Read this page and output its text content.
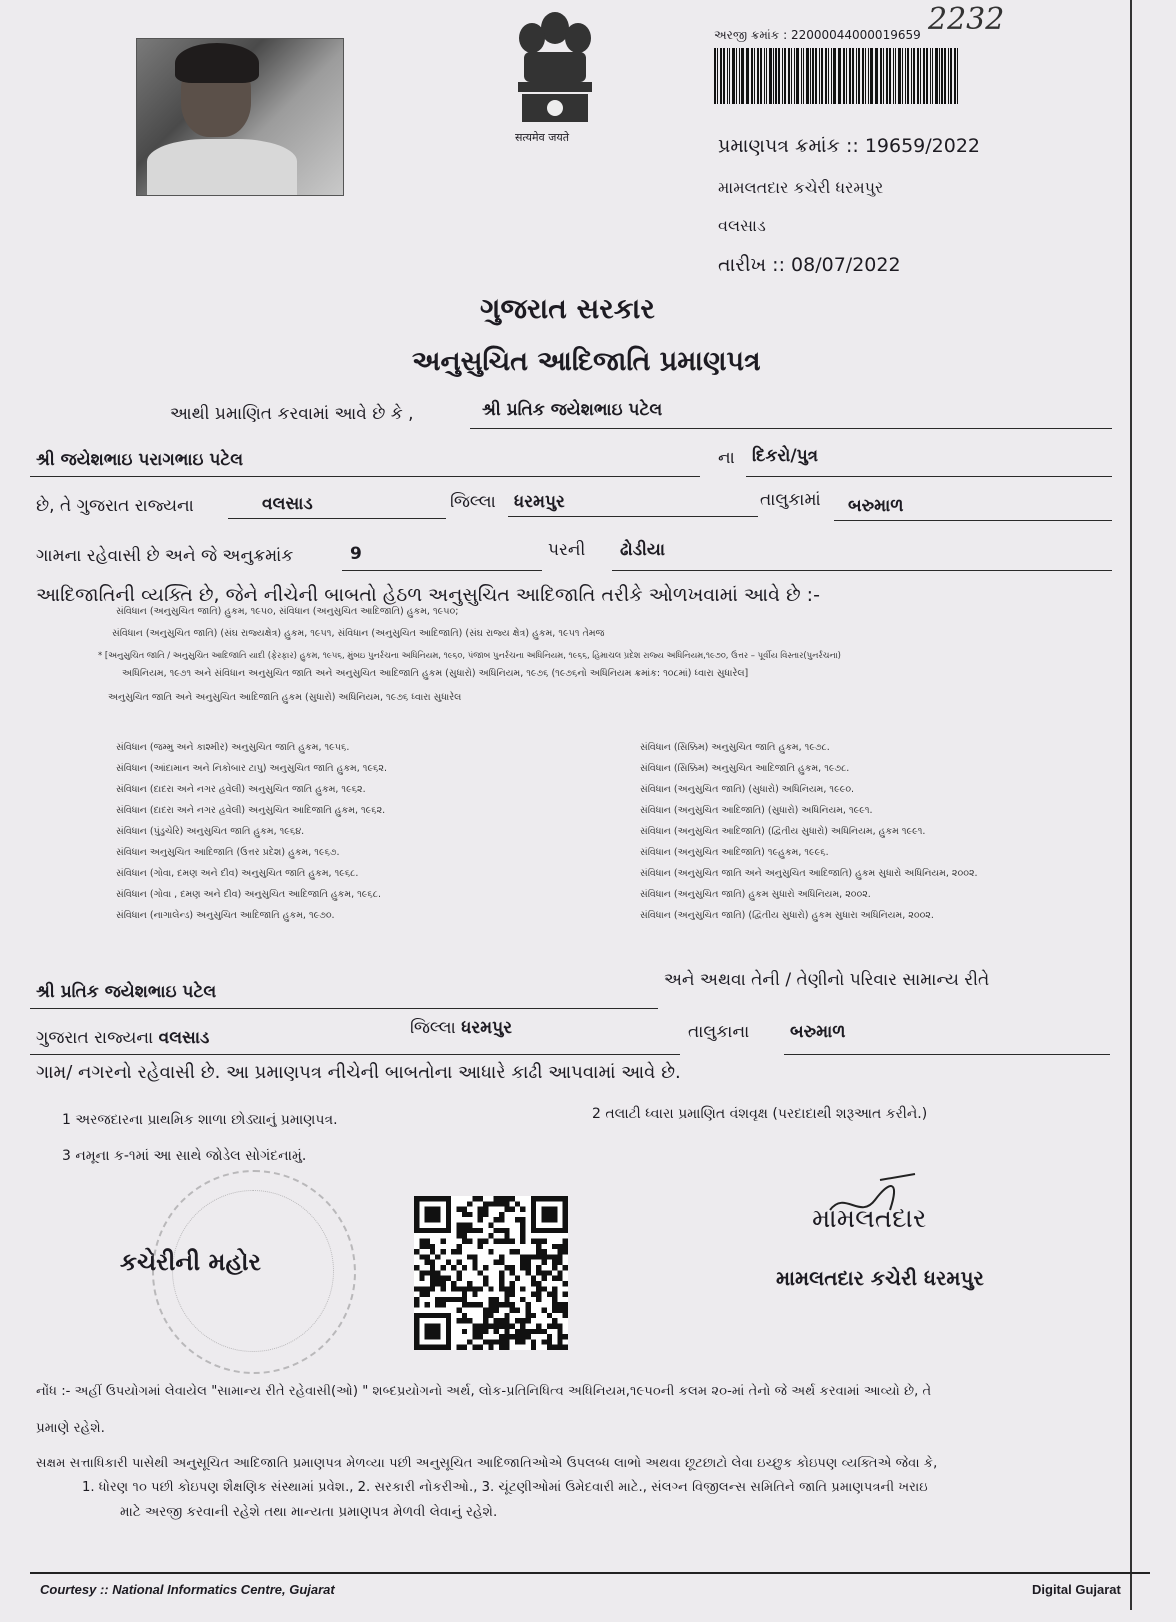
सत्यमेव जयते
2232
અરજી ક્રમાંક : 22000044000019659
પ્રમાણપત્ર ક્રમાંક :: 19659/2022
મામલતદાર કચેરી ધરમપુર
વલસાડ
તારીખ :: 08/07/2022
ગુજરાત સરકાર
અનુસુચિત આદિજાતિ પ્રમાણપત્ર
આથી પ્રમાણિત કરવામાં આવે છે કે ,	શ્રી પ્રતિક જયેશભાઇ પટેલ
શ્રી જયેશભાઇ પરાગભાઇ પટેલ	ના દિકરો/પુત્ર
છે, તે ગુજરાત રાજ્યના	વલસાડ	જિલ્લા ધરમપુર	તાલુકામાં બરુમાળ
ગામના રહેવાસી છે અને જે અનુક્રમાંક	9	પરની ઢોડીયા
આદિજાતિની વ્યક્તિ છે, જેને નીચેની બાબતો હેઠળ અનુસુચિત આદિજાતિ તરીકે ઓળખવામાં આવે છે :-
સંવિધાન (અનુસુચિત જાતિ) હુકમ, ૧૯૫૦, સંવિધાન (અનુસુચિત આદિજાતિ) હુકમ, ૧૯૫૦;
સંવિધાન (અનુસુચિત જાતિ) (સંઘ રાજ્યક્ષેત્ર) હુકમ, ૧૯૫૧, સંવિધાન (અનુસુચિત આદિજાતિ) (સંઘ રાજ્ય ક્ષેત્ર) હુકમ, ૧૯૫૧ તેમજ
* [અનુસુચિત જાતિ / અનુસુચિત આદિજાતિ યાદી (ફેરફાર) હુકમ, ૧૯૫૬, મુંબઇ પુનર્રચના અધિનિયમ, ૧૯૬૦, પંજાબ પુનર્રચના અધિનિયમ, ૧૯૬૬, હિમાચલ પ્રદેશ રાજ્ય અધિનિયમ,૧૯૭૦, ઉત્તર – પૂર્વીય વિસ્તાર(પુનર્રચના)
અધિનિયમ, ૧૯૭૧ અને સંવિધાન અનુસુચિત જાતિ અને અનુસુચિત આદિજાતિ હુકમ (સુધારો) અધિનિયમ, ૧૯૭૬ (૧૯૭૬નો અધિનિયમ ક્રમાંક: ૧૦૮માં) ધ્વારા સુધારેલ]
અનુસુચિત જાતિ અને અનુસુચિત આદિજાતિ હુકમ (સુધારો) અધિનિયમ, ૧૯૭૬ ધ્વારા સુધારેલ
સંવિધાન (જમ્મુ અને કાશ્મીર) અનુસુચિત જાતિ હુકમ, ૧૯૫૬.
સંવિધાન (આંદામાન અને નિકોબાર ટાપુ) અનુસુચિત જાતિ હુકમ, ૧૯૬૨.
સંવિધાન (દાદરા અને નગર હવેલી) અનુસુચિત જાતિ હુકમ, ૧૯૬૨.
સંવિધાન (દાદરા અને નગર હવેલી) અનુસુચિત આદિજાતિ હુકમ, ૧૯૬૨.
સંવિધાન (પુંડુચેરિ) અનુસુચિત જાતિ હુકમ, ૧૯૬૪.
સંવિધાન અનુસુચિત આદિજાતિ (ઉત્તર પ્રદેશ) હુકમ, ૧૯૬૭.
સંવિધાન (ગોવા, દમણ અને દીવ) અનુસુચિત જાતિ હુકમ, ૧૯૬૮.
સંવિધાન (ગોવા , દમણ અને દીવ) અનુસુચિત આદિજાતિ હુકમ, ૧૯૬૮.
સંવિધાન (નાગાલેન્ડ) અનુસુચિત આદિજાતિ હુકમ, ૧૯૭૦.
સંવિધાન (સિક્કિમ) અનુસુચિત જાતિ હુકમ, ૧૯૭૮.
સંવિધાન (સિક્કિમ) અનુસુચિત આદિજાતિ હુકમ, ૧૯૭૮.
સંવિધાન (અનુસુચિત જાતિ) (સુધારો) અધિનિયમ, ૧૯૯૦.
સંવિધાન (અનુસુચિત આદિજાતિ) (સુધારો) અધિનિયમ, ૧૯૯૧.
સંવિધાન (અનુસુચિત આદિજાતિ) (દ્વિતીય સુધારો) અધિનિયમ, હુકમ ૧૯૯૧.
સંવિધાન (અનુસુચિત આદિજાતિ) ૧૯હુકમ, ૧૯૯૬.
સંવિધાન (અનુસુચિત જાતિ અને અનુસુચિત આદિજાતિ) હુકમ સુધારો અધિનિયમ, ૨૦૦૨.
સંવિધાન (અનુસુચિત જાતિ) હુકમ સુધારો અધિનિયમ, ૨૦૦૨.
સંવિધાન (અનુસુચિત જાતિ) (દ્વિતીય સુધારો) હુકમ સુધારા અધિનિયમ, ૨૦૦૨.
અને અથવા તેની / તેણીનો પરિવાર સામાન્ય રીતે
શ્રી પ્રતિક જયેશભાઇ પટેલ
ગુજરાત રાજ્યના વલસાડ	જિલ્લા ધરમપુર	તાલુકાના બરુમાળ
ગામ/ નગરનો રહેવાસી છે. આ પ્રમાણપત્ર નીચેની બાબતોના આધારે કાઢી આપવામાં આવે છે.
1 અરજદારના પ્રાથમિક શાળા છોડ્યાનું પ્રમાણપત્ર.	2 તલાટી ધ્વારા પ્રમાણિત વંશવૃક્ષ (પરદાદાથી શરૂઆત કરીને.)
3 નમૂના ક-૧માં આ સાથે જોડેલ સોગંદનામું.
કચેરીની મહોર
મામલતદાર
મામલતદાર કચેરી ધરમપુર
નોંધ :- અહીં ઉપયોગમાં લેવાયેલ "સામાન્ય રીતે રહેવાસી(ઓ) " શબ્દપ્રયોગનો અર્થ, લોક-પ્રતિનિધિત્વ અધિનિયમ,૧૯૫૦ની કલમ ૨૦-માં તેનો જે અર્થ કરવામાં આવ્યો છે, તે
પ્રમાણે રહેશે.
સક્ષમ સત્તાધિકારી પાસેથી અનુસૂચિત આદિજાતિ પ્રમાણપત્ર મેળવ્યા પછી અનુસૂચિત આદિજાતિઓએ ઉપલબ્ધ લાભો અથવા છૂટછાટો લેવા ઇચ્છુક કોઇપણ વ્યક્તિએ જેવા કે,
1. ધોરણ ૧૦ પછી કોઇપણ શૈક્ષણિક સંસ્થામાં પ્રવેશ., 2. સરકારી નોકરીઓ., 3. ચૂંટણીઓમાં ઉમેદવારી માટે., સંલગ્ન વિજીલન્સ સમિતિને જાતિ પ્રમાણપત્રની ખરાઇ
માટે અરજી કરવાની રહેશે તથા માન્યતા પ્રમાણપત્ર મેળવી લેવાનું રહેશે.
Courtesy :: National Informatics Centre, Gujarat	Digital Gujarat
